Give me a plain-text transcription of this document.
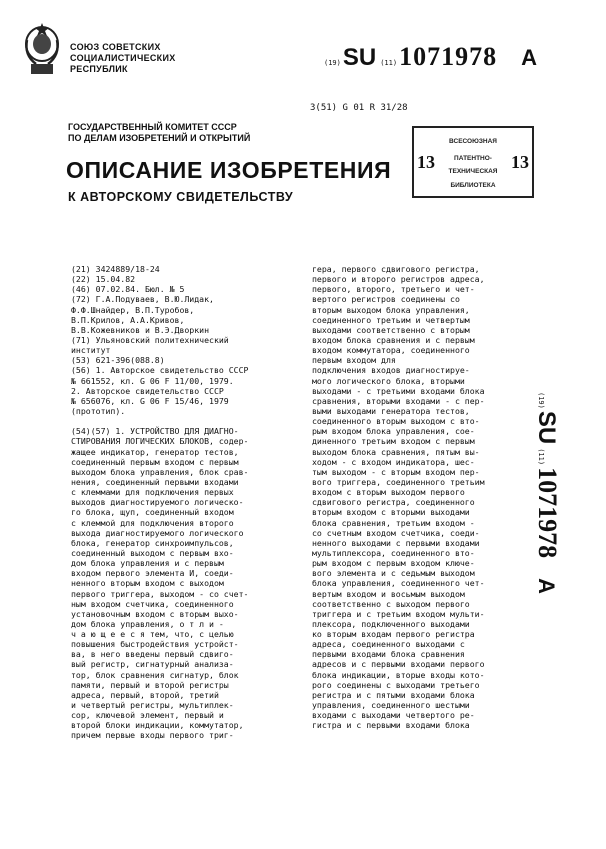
СОЮЗ СОВЕТСКИХ
СОЦИАЛИСТИЧЕСКИХ
РЕСПУБЛИК
(19) SU (11) 1071978 A
3(51) G 01 R 31/28
ГОСУДАРСТВЕННЫЙ КОМИТЕТ СССР
ПО ДЕЛАМ ИЗОБРЕТЕНИЙ И ОТКРЫТИЙ
ОПИСАНИЕ ИЗОБРЕТЕНИЯ
К АВТОРСКОМУ СВИДЕТЕЛЬСТВУ
ВСЕСОЮЗНАЯ
ПАТЕНТНО-
ТЕХНИЧЕСКАЯ
БИБЛИОТЕКА
13	13
(21) 3424889/18-24
(22) 15.04.82
(46) 07.02.84. Бюл. № 5
(72) Г.А.Подуваев, В.Ю.Лидак,
Ф.Ф.Шнайдер, В.П.Туробов,
В.П.Крилов, А.А.Кривов,
В.В.Кожевников и В.Э.Дворкин
(71) Ульяновский политехнический
институт
(53) 621-396(088.8)
(56) 1. Авторское свидетельство СССР
№ 661552, кл. G 06 F 11/00, 1979.
2. Авторское свидетельство СССР
№ 656076, кл. G 06 F 15/46, 1979
(прототип).
(54)(57) 1. УСТРОЙСТВО ДЛЯ ДИАГНО-
СТИРОВАНИЯ ЛОГИЧЕСКИХ БЛОКОВ, содер-
жащее индикатор, генератор тестов,
соединенный первым входом с первым
выходом блока управления, блок срав-
нения, соединенный первыми входами
с клеммами для подключения первых
выходов диагностируемого логическо-
го блока, щуп, соединенный входом
с клеммой для подключения второго
выхода диагностируемого логического
блока, генератор синхроимпульсов,
соединенный выходом с первым вхо-
дом блока управления и с первым
входом первого элемента И, соеди-
ненного вторым входом с выходом
первого триггера, выходом - со счет-
ным входом счетчика, соединенного
установочным входом с вторым выхо-
дом блока управления, о т л и -
ч а ю щ е е с я тем, что, с целью
повышения быстродействия устройст-
ва, в него введены первый сдвиго-
вый регистр, сигнатурный анализа-
тор, блок сравнения сигнатур, блок
памяти, первый и второй регистры
адреса, первый, второй, третий
и четвертый регистры, мультиплек-
сор, ключевой элемент, первый и
второй блоки индикации, коммутатор,
причем первые входы первого триг-
гера, первого сдвигового регистра,
первого и второго регистров адреса,
первого, второго, третьего и чет-
вертого регистров соединены со
вторым выходом блока управления,
соединенного третьим и четвертым
выходами соответственно с вторым
входом блока сравнения и с первым
входом коммутатора, соединенного
первым входом для
подключения входов диагностируе-
мого логического блока, вторыми
выходами - с третьими входами блока
сравнения, вторыми входами - с пер-
выми выходами генератора тестов,
соединенного вторым выходом с вто-
рым входом блока управления, сое-
диненного третьим входом с первым
выходом блока сравнения, пятым вы-
ходом - с входом индикатора, шес-
тым выходом - с вторым входом пер-
вого триггера, соединенного третьим
входом с вторым выходом первого
сдвигового регистра, соединенного
вторым входом с вторыми выходами
блока сравнения, третьим входом -
со счетным входом счетчика, соеди-
ненного выходами с первыми входами
мультиплексора, соединенного вто-
рым входом с первым входом ключе-
вого элемента и с седьмым выходом
блока управления, соединенного чет-
вертым входом и восьмым выходом
соответственно с выходом первого
триггера и с третьим входом мульти-
плексора, подключенного выходами
ко вторым входам первого регистра
адреса, соединенного выходами с
первыми входами блока сравнения
адресов и с первыми входами первого
блока индикации, вторые входы кото-
рого соединены с выходами третьего
регистра и с пятыми входами блока
управления, соединенного шестыми
входами с выходами четвертого ре-
гистра и с первыми входами блока
(19)
SU
(11)
1071978
A
